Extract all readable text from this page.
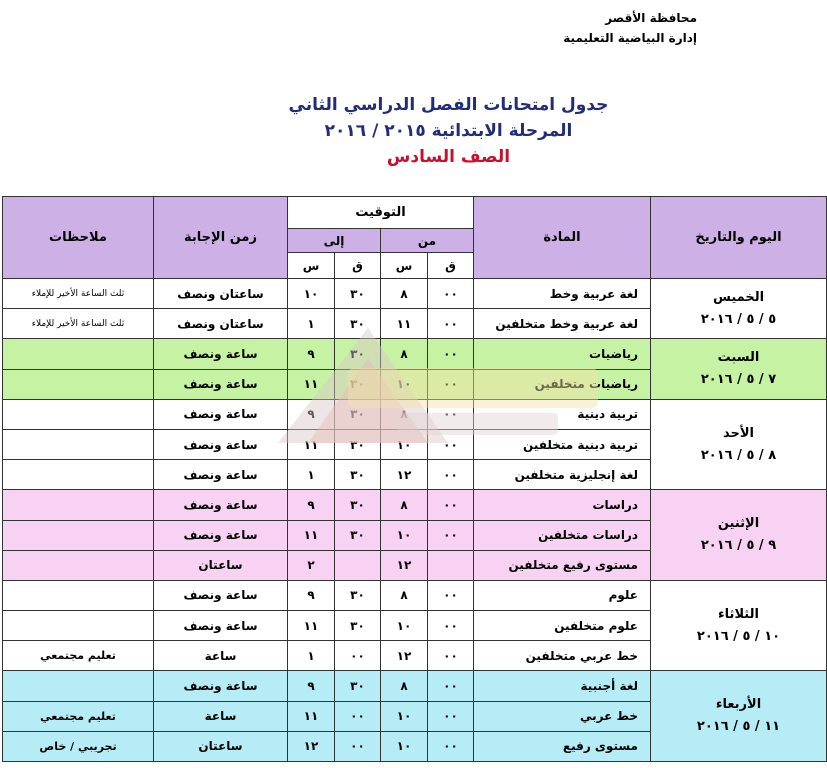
محافظة الأقصر
إدارة البياضية التعليمية
جدول امتحانات الفصل الدراسي الثاني
المرحلة الابتدائية ٢٠١٥ / ٢٠١٦
الصف السادس
اليوم والتاريخ	المادة	التوقيت				زمن الإجابة	ملاحظات
		من		إلى			
		ق	س	ق	س		

الخميس
٥ / ٥ / ٢٠١٦	لغة عربية وخط	٠٠	٨	٣٠	١٠	ساعتان ونصف	ثلث الساعة الأخير للإملاء
	لغة عربية وخط متخلفين	٠٠	١١	٣٠	١	ساعتان ونصف	ثلث الساعة الأخير للإملاء

السبت
٧ / ٥ / ٢٠١٦	رياضيات	٠٠	٨	٣٠	٩	ساعة ونصف	
	رياضيات متخلفين	٠٠	١٠	٣٠	١١	ساعة ونصف	

الأحد
٨ / ٥ / ٢٠١٦	تربية دينية	٠٠	٨	٣٠	٩	ساعة ونصف	
	تربية دينية متخلفين	٠٠	١٠	٣٠	١١	ساعة ونصف	
	لغة إنجليزية متخلفين	٠٠	١٢	٣٠	١	ساعة ونصف	

الإثنين
٩ / ٥ / ٢٠١٦	دراسات	٠٠	٨	٣٠	٩	ساعة ونصف	
	دراسات متخلفين	٠٠	١٠	٣٠	١١	ساعة ونصف	
	مستوى رفيع متخلفين		١٢		٢	ساعتان	

الثلاثاء
١٠ / ٥ / ٢٠١٦	علوم	٠٠	٨	٣٠	٩	ساعة ونصف	
	علوم متخلفين	٠٠	١٠	٣٠	١١	ساعة ونصف	
	خط عربي متخلفين	٠٠	١٢	٠٠	١	ساعة	تعليم مجتمعي

الأربعاء
١١ / ٥ / ٢٠١٦	لغة أجنبية	٠٠	٨	٣٠	٩	ساعة ونصف	
	خط عربي	٠٠	١٠	٠٠	١١	ساعة	تعليم مجتمعي
	مستوى رفيع	٠٠	١٠	٠٠	١٢	ساعتان	تجريبي / خاص
